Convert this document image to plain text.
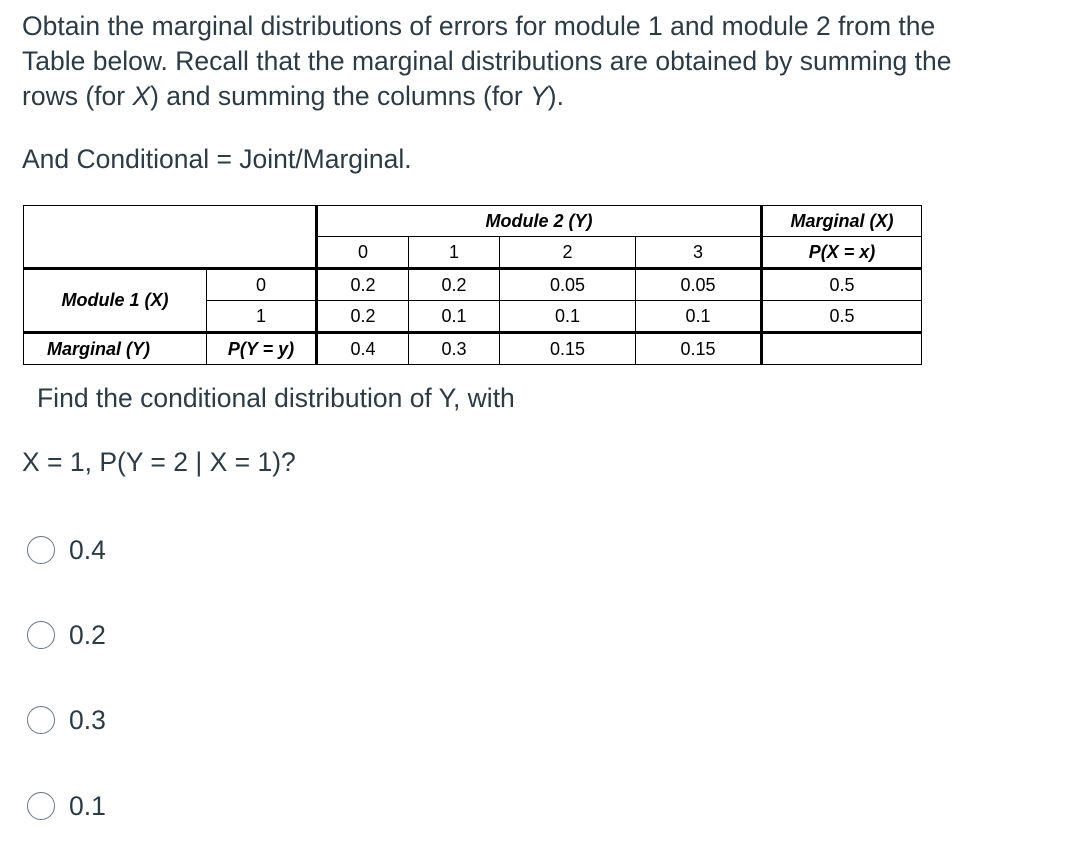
Obtain the marginal distributions of errors for module 1 and module 2 from the
Table below. Recall that the marginal distributions are obtained by summing the
rows (for X) and summing the columns (for Y).
And Conditional = Joint/Marginal.
		Module 2 (Y)				Marginal (X)
		0	1	2	3	P(X = x)
Module 1 (X)	0	0.2	0.2	0.05	0.05	0.5
	1	0.2	0.1	0.1	0.1	0.5
Marginal (Y)	P(Y = y)	0.4	0.3	0.15	0.15	
Find the conditional distribution of Y, with
X = 1, P(Y = 2 | X = 1)?
0.4
0.2
0.3
0.1
